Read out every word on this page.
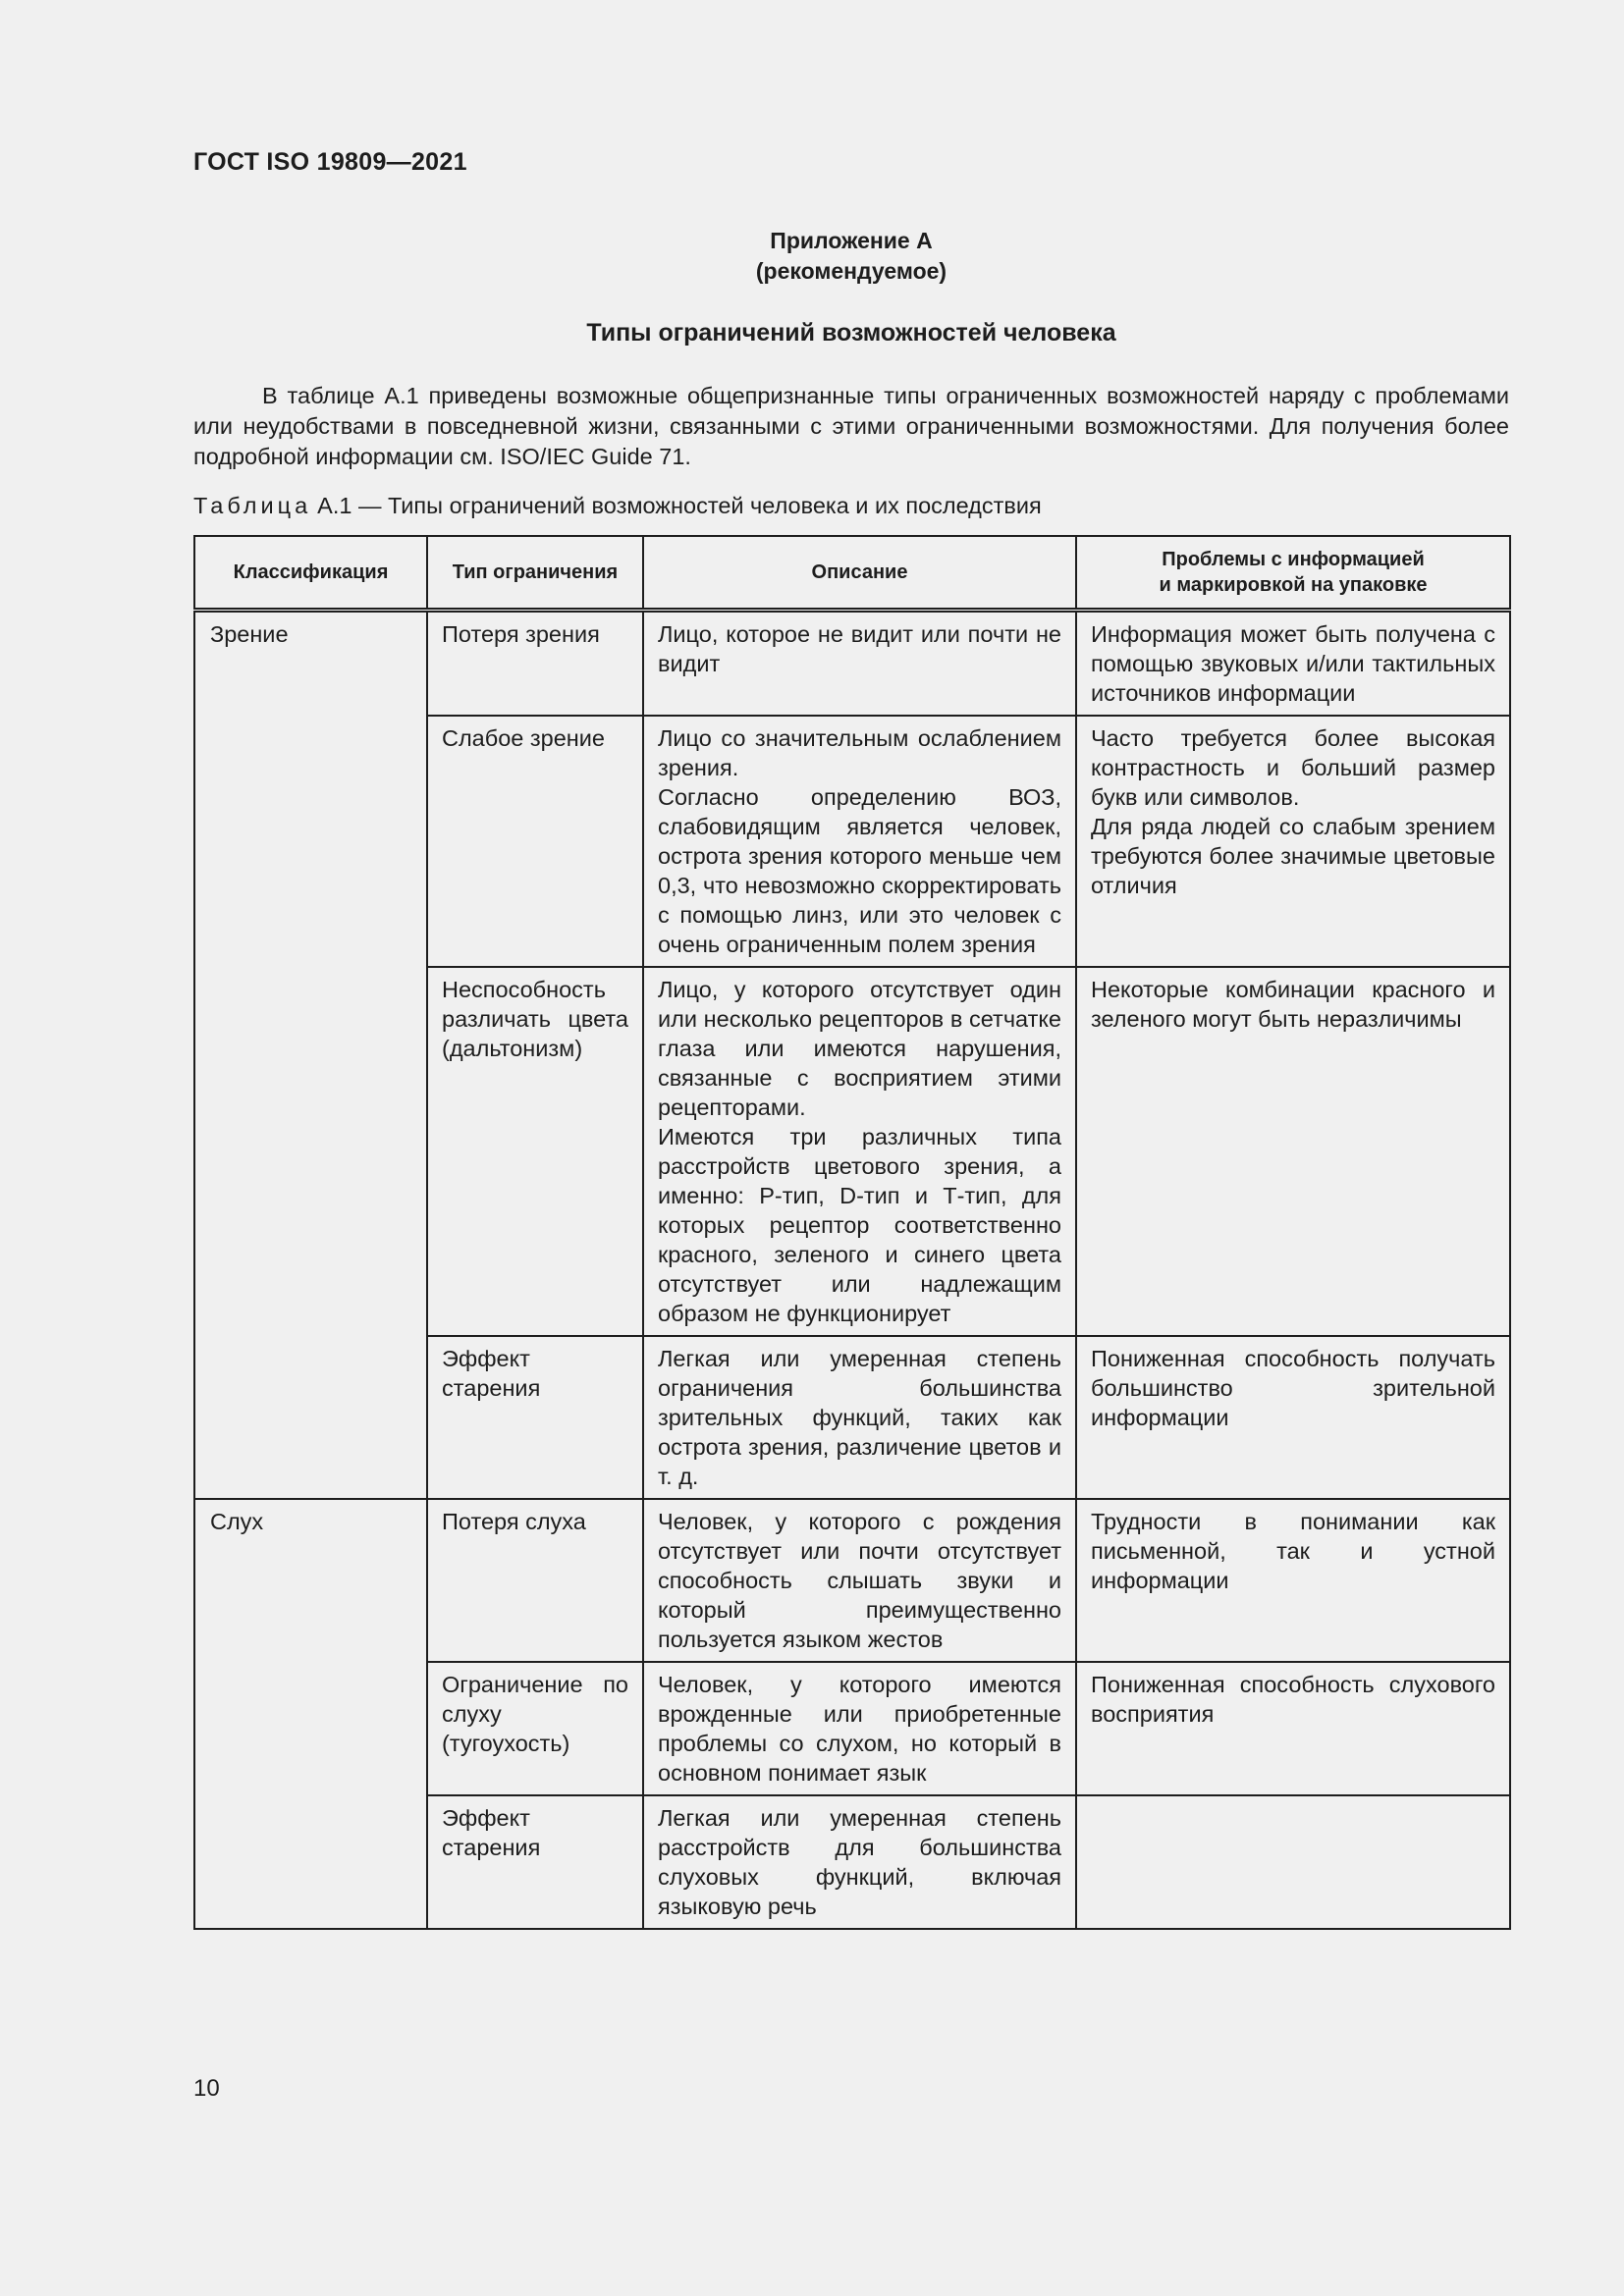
ГОСТ ISO 19809—2021
Приложение А
(рекомендуемое)
Типы ограничений возможностей человека

В таблице А.1 приведены возможные общепризнанные типы ограниченных возможностей наряду с проблемами или неудобствами в повседневной жизни, связанными с этими ограниченными возможностями. Для получения более подробной информации см. ISO/IEC Guide 71.

Таблица А.1 — Типы ограничений возможностей человека и их последствия
Классификация	Тип ограничения	Описание	Проблемы с информацией
и маркировкой на упаковке
Зрение	Потеря зрения	Лицо, которое не видит или почти не видит	Информация может быть получена с помощью звуковых и/или тактильных источников информации

	Слабое зрение	Лицо со значительным ослаблением зрения.
Согласно определению ВОЗ, слабовидящим является человек, острота зрения которого меньше чем 0,3, что невозможно скорректировать с помощью линз, или это человек с очень ограниченным полем зрения	Часто требуется более высокая контрастность и больший размер букв или символов.
Для ряда людей со слабым зрением требуются более значимые цветовые отличия

	Неспособность различать цвета (дальтонизм)	Лицо, у которого отсутствует один или несколько рецепторов в сетчатке глаза или имеются нарушения, связанные с восприятием этими рецепторами.
Имеются три различных типа расстройств цветового зрения, а именно: Р-тип, D-тип и Т-тип, для которых рецептор соответственно красного, зеленого и синего цвета отсутствует или надлежащим образом не функционирует	Некоторые комбинации красного и зеленого могут быть неразличимы

	Эффект старения	Легкая или умеренная степень ограничения большинства зрительных функций, таких как острота зрения, различение цветов и т. д.	Пониженная способность получать большинство зрительной информации

Слух	Потеря слуха	Человек, у которого с рождения отсутствует или почти отсутствует способность слышать звуки и который преимущественно пользуется языком жестов	Трудности в понимании как письменной, так и устной информации

	Ограничение по слуху (тугоухость)	Человек, у которого имеются врожденные или приобретенные проблемы со слухом, но который в основном понимает язык	Пониженная способность слухового восприятия

	Эффект старения	Легкая или умеренная степень расстройств для большинства слуховых функций, включая языковую речь	

10
